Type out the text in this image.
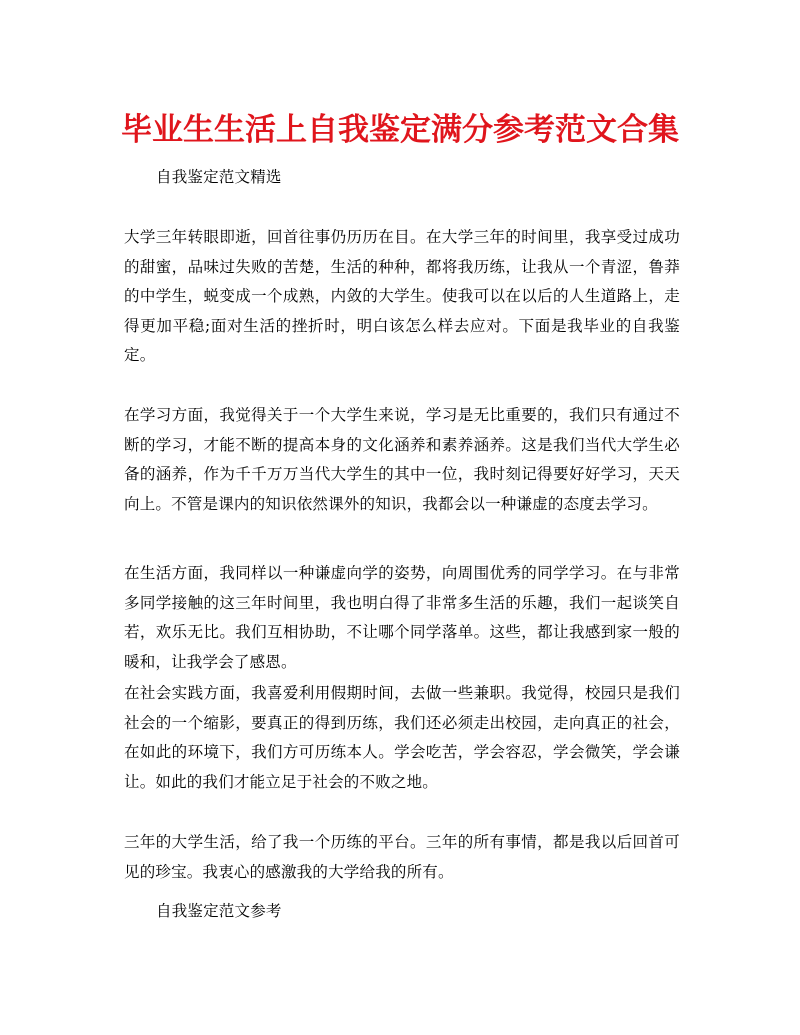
毕业生生活上自我鉴定满分参考范文合集
自我鉴定范文精选
大学三年转眼即逝，回首往事仍历历在目。在大学三年的时间里，我享受过成功的甜蜜，品味过失败的苦楚，生活的种种，都将我历练，让我从一个青涩，鲁莽的中学生，蜕变成一个成熟，内敛的大学生。使我可以在以后的人生道路上，走得更加平稳;面对生活的挫折时，明白该怎么样去应对。下面是我毕业的自我鉴定。
在学习方面，我觉得关于一个大学生来说，学习是无比重要的，我们只有通过不断的学习，才能不断的提高本身的文化涵养和素养涵养。这是我们当代大学生必备的涵养，作为千千万万当代大学生的其中一位，我时刻记得要好好学习，天天向上。不管是课内的知识依然课外的知识，我都会以一种谦虚的态度去学习。
在生活方面，我同样以一种谦虚向学的姿势，向周围优秀的同学学习。在与非常多同学接触的这三年时间里，我也明白得了非常多生活的乐趣，我们一起谈笑自若，欢乐无比。我们互相协助，不让哪个同学落单。这些，都让我感到家一般的暖和，让我学会了感恩。
在社会实践方面，我喜爱利用假期时间，去做一些兼职。我觉得，校园只是我们社会的一个缩影，要真正的得到历练，我们还必须走出校园，走向真正的社会，在如此的环境下，我们方可历练本人。学会吃苦，学会容忍，学会微笑，学会谦让。如此的我们才能立足于社会的不败之地。
三年的大学生活，给了我一个历练的平台。三年的所有事情，都是我以后回首可见的珍宝。我衷心的感激我的大学给我的所有。
自我鉴定范文参考
